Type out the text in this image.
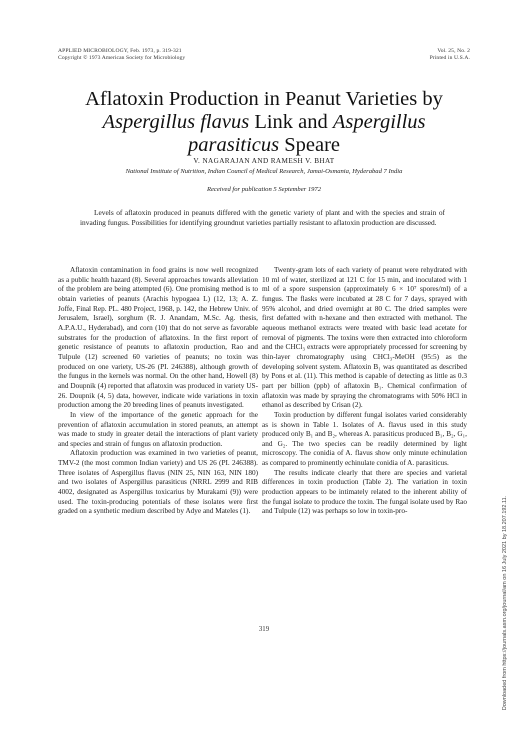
APPLIED MICROBIOLOGY, Feb. 1973, p. 319-321
Copyright © 1973 American Society for Microbiology
Vol. 25, No. 2
Printed in U.S.A.

Aflatoxin Production in Peanut Varieties by
Aspergillus flavus Link and Aspergillus
parasiticus Speare

V. NAGARAJAN AND RAMESH V. BHAT
National Institute of Nutrition, Indian Council of Medical Research, Jamai-Osmania, Hyderabad 7 India
Received for publication 5 September 1972
Levels of aflatoxin produced in peanuts differed with the genetic variety of plant and with the species and strain of invading fungus. Possibilities for identifying groundnut varieties partially resistant to aflatoxin production are discussed.

Aflatoxin contamination in food grains is now well recognized as a public health hazard (8). Several approaches towards alleviation of the problem are being attempted (6). One promising method is to obtain varieties of peanuts (Arachis hypogaea L) (12, 13; A. Z. Joffe, Final Rep. PL. 480 Project, 1968, p. 142, the Hebrew Univ. of Jerusalem, Israel), sorghum (R. J. Anandam, M.Sc. Ag. thesis, A.P.A.U., Hyderabad), and corn (10) that do not serve as favorable substrates for the production of aflatoxins. In the first report of genetic resistance of peanuts to aflatoxin production, Rao and Tulpule (12) screened 60 varieties of peanuts; no toxin was produced on one variety, US-26 (PI. 246388), although growth of the fungus in the kernels was normal. On the other hand, Howell (8) and Doupnik (4) reported that aflatoxin was produced in variety US-26. Doupnik (4, 5) data, however, indicate wide variations in toxin production among the 20 breeding lines of peanuts investigated.

In view of the importance of the genetic approach for the prevention of aflatoxin accumulation in stored peanuts, an attempt was made to study in greater detail the interactions of plant variety and species and strain of fungus on aflatoxin production.

Aflatoxin production was examined in two varieties of peanut, TMV-2 (the most common Indian variety) and US 26 (PI. 246388). Three isolates of Aspergillus flavus (NIN 25, NIN 163, NIN 180) and two isolates of Aspergillus parasiticus (NRRL 2999 and RIB 4002, designated as Aspergillus toxicarius by Murakami (9)) were used. The toxin-producing potentials of these isolates were first graded on a synthetic medium described by Adye and Mateles (1).

Twenty-gram lots of each variety of peanut were rehydrated with 10 ml of water, sterilized at 121 C for 15 min, and inoculated with 1 ml of a spore suspension (approximately 6 × 10⁷ spores/ml) of a fungus. The flasks were incubated at 28 C for 7 days, sprayed with 95% alcohol, and dried overnight at 80 C. The dried samples were first defatted with n-hexane and then extracted with methanol. The aqueous methanol extracts were treated with basic lead acetate for removal of pigments. The toxins were then extracted into chloroform and the CHCl₃ extracts were appropriately processed for screening by thin-layer chromatography using CHCl₃-MeOH (95:5) as the developing solvent system. Aflatoxin B₁ was quantitated as described by Pons et al. (11). This method is capable of detecting as little as 0.3 part per billion (ppb) of aflatoxin B₁. Chemical confirmation of aflatoxin was made by spraying the chromatograms with 50% HCl in ethanol as described by Crisan (2).

Toxin production by different fungal isolates varied considerably as is shown in Table 1. Isolates of A. flavus used in this study produced only B₁ and B₂, whereas A. parasiticus produced B₁, B₂, G₁, and G₂. The two species can be readily determined by light microscopy. The conidia of A. flavus show only minute echinulation as compared to prominently echinulate conidia of A. parasiticus.

The results indicate clearly that there are species and varietal differences in toxin production (Table 2). The variation in toxin production appears to be intimately related to the inherent ability of the fungal isolate to produce the toxin. The fungal isolate used by Rao and Tulpule (12) was perhaps so low in toxin-pro-

319	Downloaded from https://journals.asm.org/journal/am on 16 July 2021 by 18.207.192.11.
